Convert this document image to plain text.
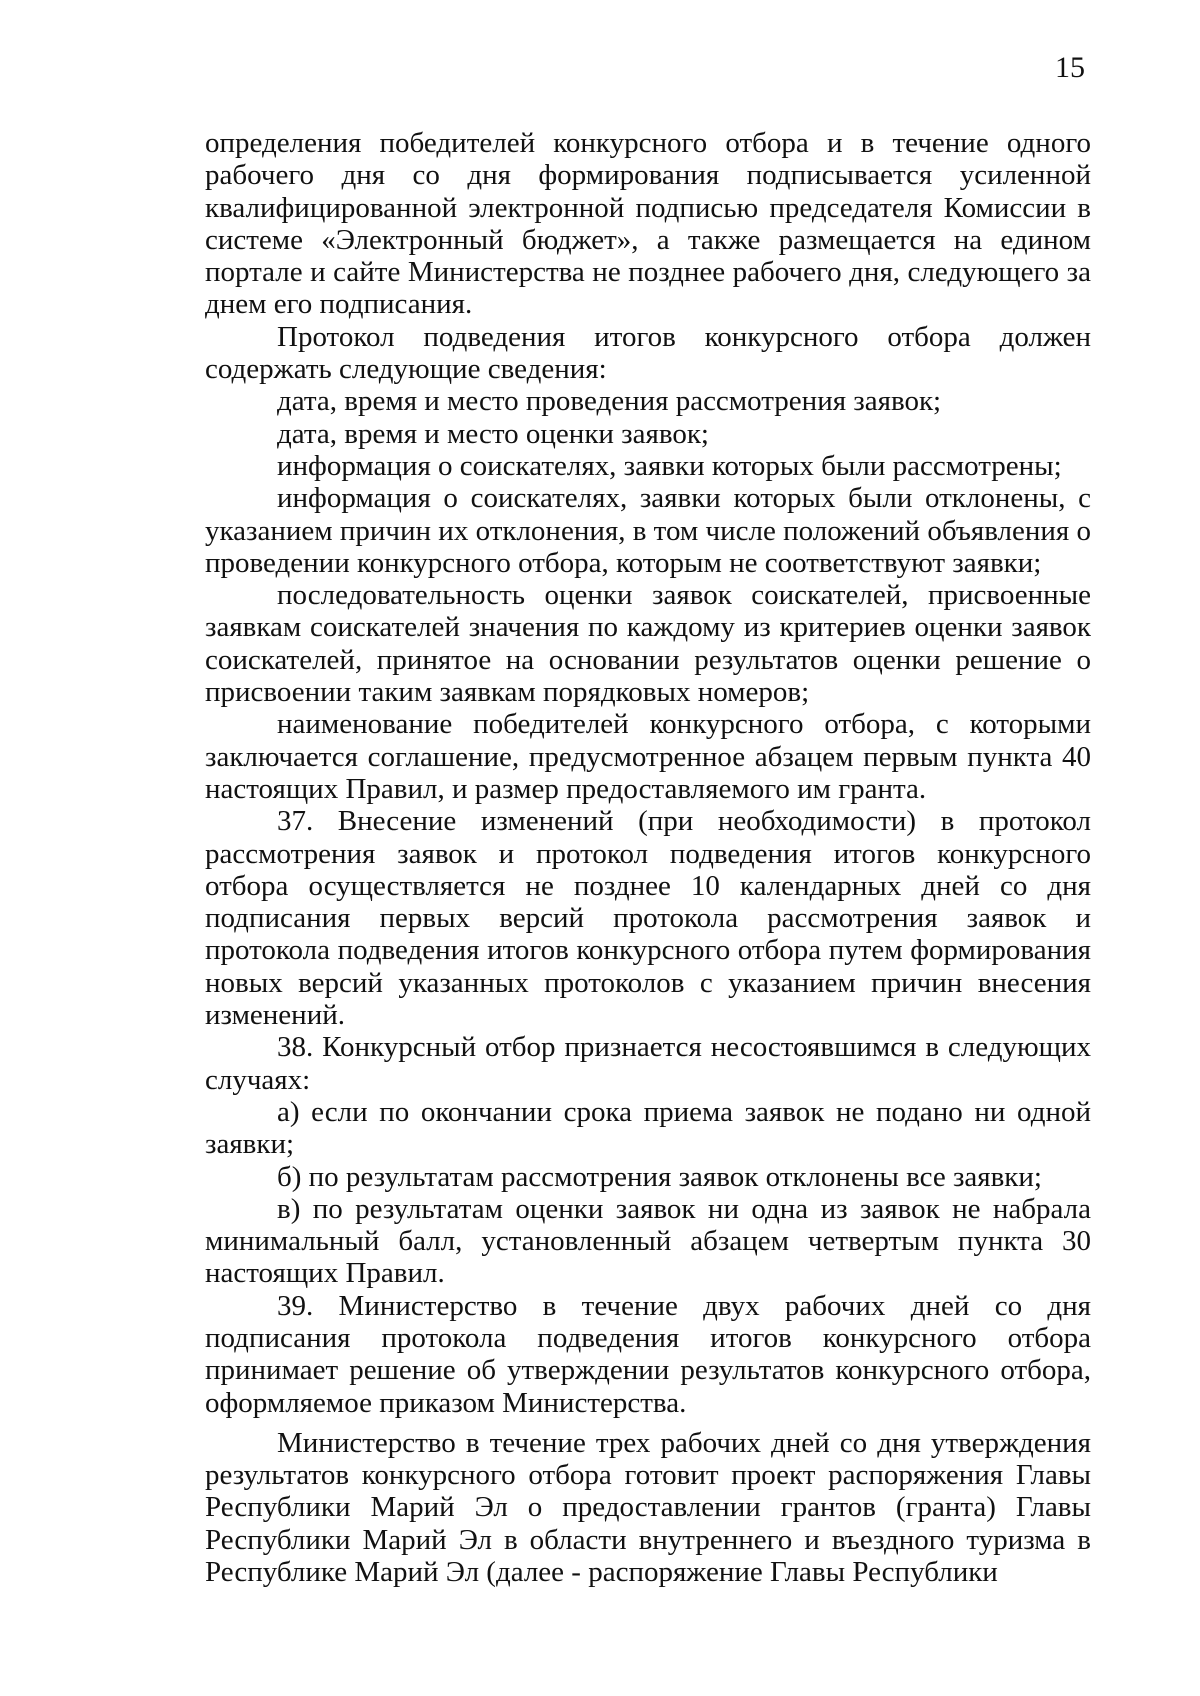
15

определения победителей конкурсного отбора и в течение одного рабочего дня со дня формирования подписывается усиленной квалифицированной электронной подписью председателя Комиссии в системе «Электронный бюджет», а также размещается на едином портале и сайте Министерства не позднее рабочего дня, следующего за днем его подписания.

Протокол подведения итогов конкурсного отбора должен содержать следующие сведения:

дата, время и место проведения рассмотрения заявок;

дата, время и место оценки заявок;

информация о соискателях, заявки которых были рассмотрены;

информация о соискателях, заявки которых были отклонены, с указанием причин их отклонения, в том числе положений объявления о проведении конкурсного отбора, которым не соответствуют заявки;

последовательность оценки заявок соискателей, присвоенные заявкам соискателей значения по каждому из критериев оценки заявок соискателей, принятое на основании результатов оценки решение о присвоении таким заявкам порядковых номеров;

наименование победителей конкурсного отбора, с которыми заключается соглашение, предусмотренное абзацем первым пункта 40 настоящих Правил, и размер предоставляемого им гранта.

37. Внесение изменений (при необходимости) в протокол рассмотрения заявок и протокол подведения итогов конкурсного отбора осуществляется не позднее 10 календарных дней со дня подписания первых версий протокола рассмотрения заявок и протокола подведения итогов конкурсного отбора путем формирования новых версий указанных протоколов с указанием причин внесения изменений.

38. Конкурсный отбор признается несостоявшимся в следующих случаях:

а) если по окончании срока приема заявок не подано ни одной заявки;

б) по результатам рассмотрения заявок отклонены все заявки;

в) по результатам оценки заявок ни одна из заявок не набрала минимальный балл, установленный абзацем четвертым пункта 30 настоящих Правил.

39. Министерство в течение двух рабочих дней со дня подписания протокола подведения итогов конкурсного отбора принимает решение об утверждении результатов конкурсного отбора, оформляемое приказом Министерства.

Министерство в течение трех рабочих дней со дня утверждения результатов конкурсного отбора готовит проект распоряжения Главы Республики Марий Эл о предоставлении грантов (гранта) Главы Республики Марий Эл в области внутреннего и въездного туризма в Республике Марий Эл (далее - распоряжение Главы Республики
